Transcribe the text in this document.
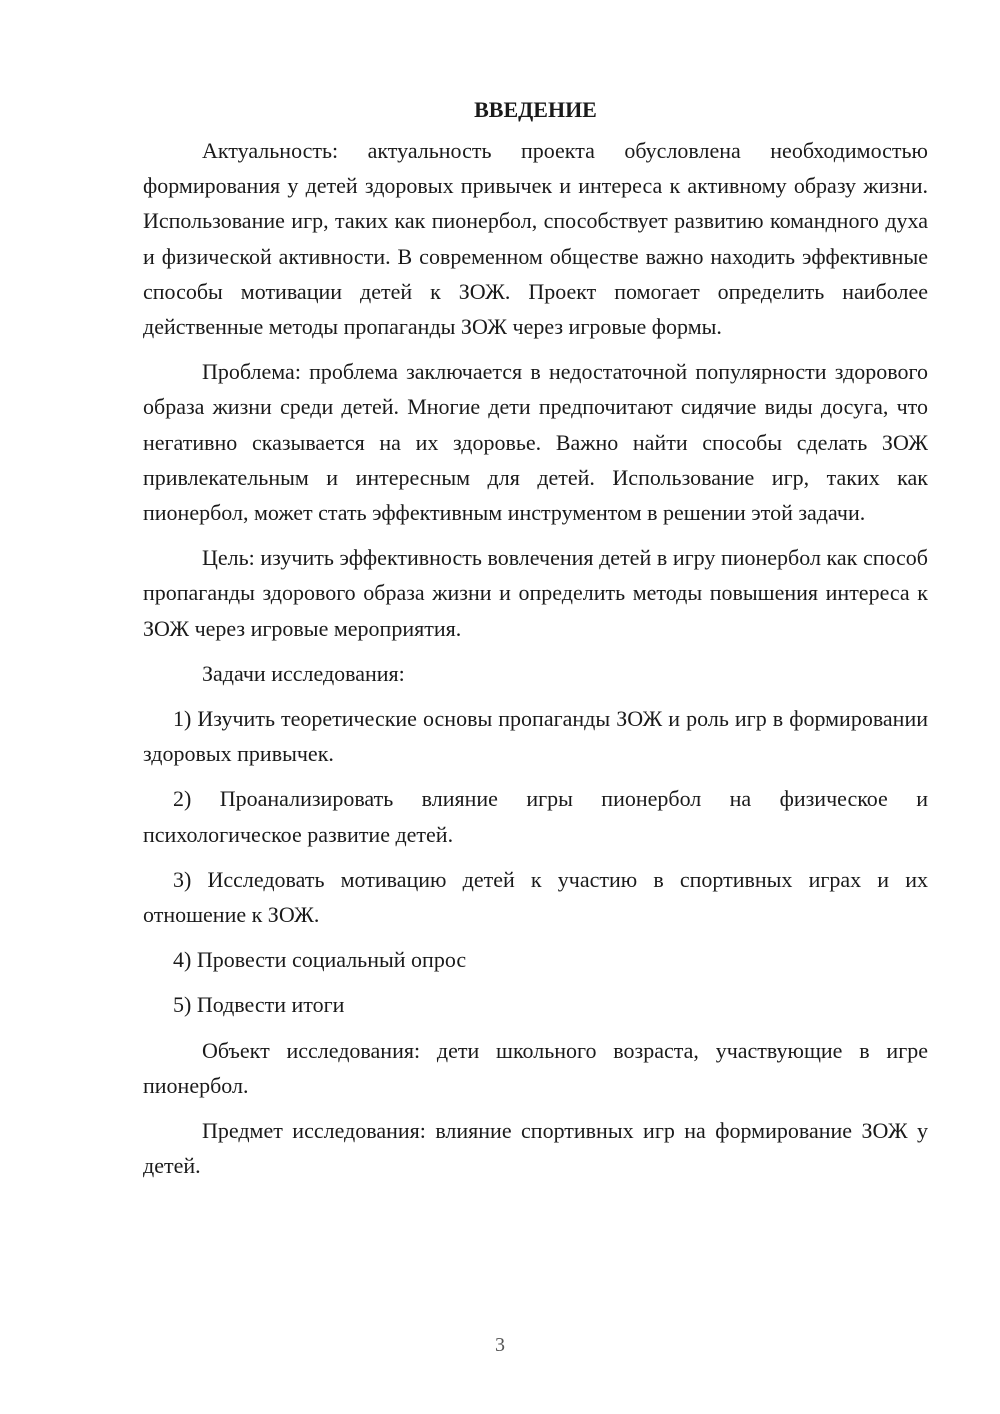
ВВЕДЕНИЕ

Актуальность: актуальность проекта обусловлена необходимостью формирования у детей здоровых привычек и интереса к активному образу жизни. Использование игр, таких как пионербол, способствует развитию командного духа и физической активности. В современном обществе важно находить эффективные способы мотивации детей к ЗОЖ. Проект помогает определить наиболее действенные методы пропаганды ЗОЖ через игровые формы.

Проблема: проблема заключается в недостаточной популярности здорового образа жизни среди детей. Многие дети предпочитают сидячие виды досуга, что негативно сказывается на их здоровье. Важно найти способы сделать ЗОЖ привлекательным и интересным для детей. Использование игр, таких как пионербол, может стать эффективным инструментом в решении этой задачи.

Цель: изучить эффективность вовлечения детей в игру пионербол как способ пропаганды здорового образа жизни и определить методы повышения интереса к ЗОЖ через игровые мероприятия.

Задачи исследования:

1) Изучить теоретические основы пропаганды ЗОЖ и роль игр в формировании здоровых привычек.

2) Проанализировать влияние игры пионербол на физическое и психологическое развитие детей.

3) Исследовать мотивацию детей к участию в спортивных играх и их отношение к ЗОЖ.

4) Провести социальный опрос

5) Подвести итоги

Объект исследования: дети школьного возраста, участвующие в игре пионербол.

Предмет исследования: влияние спортивных игр на формирование ЗОЖ у детей.

3
